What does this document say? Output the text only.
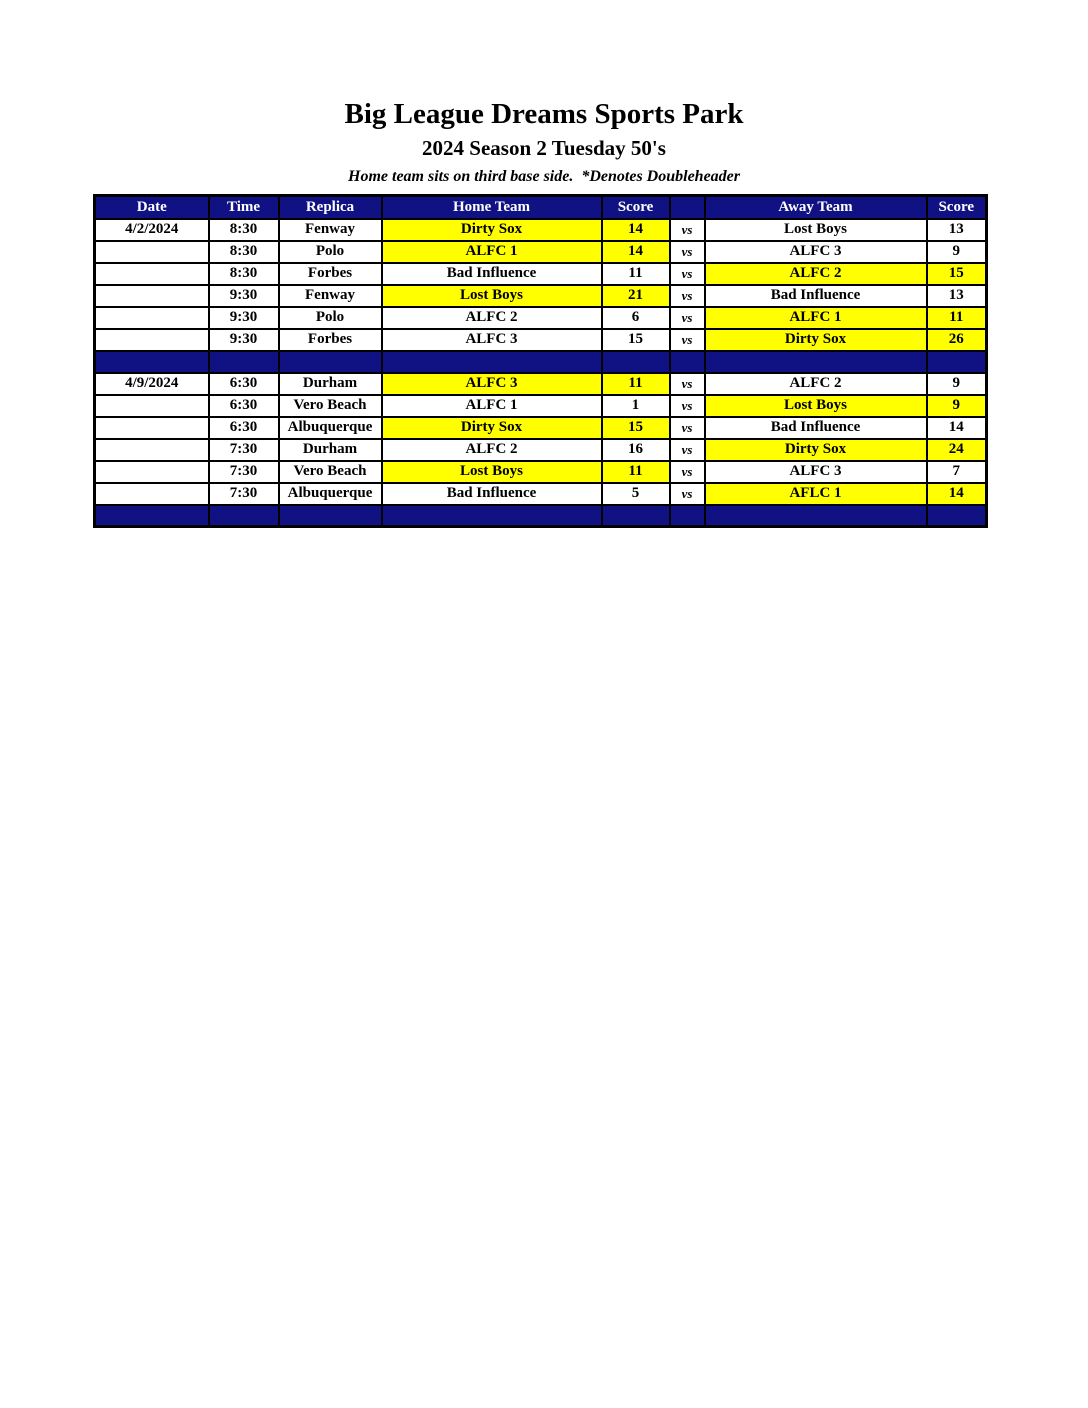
Big League Dreams Sports Park
2024 Season 2 Tuesday 50's
Home team sits on third base side.  *Denotes Doubleheader
Date	Time	Replica	Home Team	Score		Away Team	Score
4/2/2024	8:30	Fenway	Dirty Sox	14	vs	Lost Boys	13
	8:30	Polo	ALFC 1	14	vs	ALFC 3	9
	8:30	Forbes	Bad Influence	11	vs	ALFC 2	15
	9:30	Fenway	Lost Boys	21	vs	Bad Influence	13
	9:30	Polo	ALFC 2	6	vs	ALFC 1	11
	9:30	Forbes	ALFC 3	15	vs	Dirty Sox	26

4/9/2024	6:30	Durham	ALFC 3	11	vs	ALFC 2	9
	6:30	Vero Beach	ALFC 1	1	vs	Lost Boys	9
	6:30	Albuquerque	Dirty Sox	15	vs	Bad Influence	14
	7:30	Durham	ALFC 2	16	vs	Dirty Sox	24
	7:30	Vero Beach	Lost Boys	11	vs	ALFC 3	7
	7:30	Albuquerque	Bad Influence	5	vs	AFLC 1	14
